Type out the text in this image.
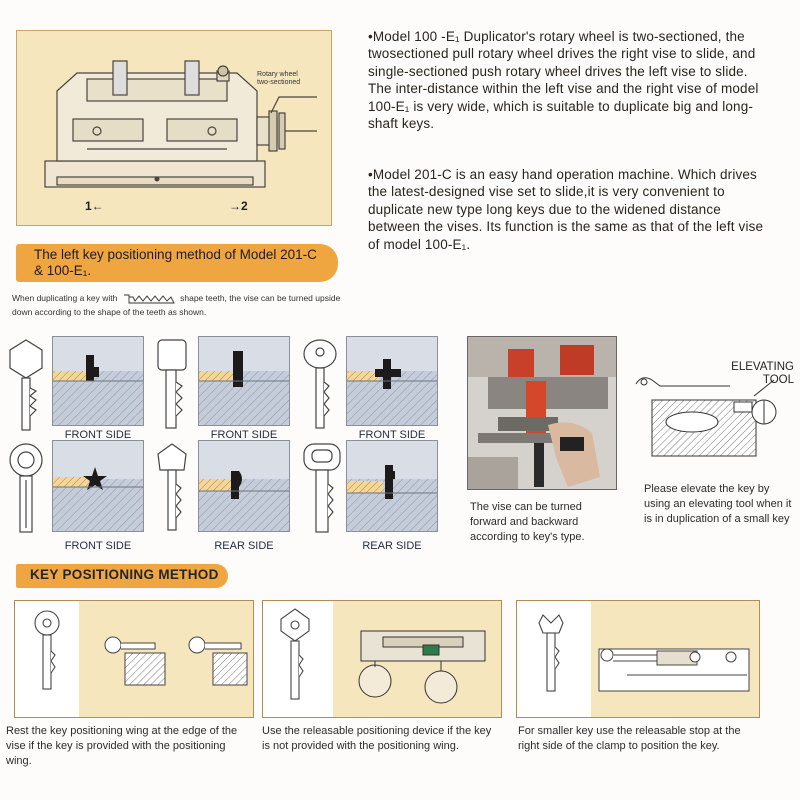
Rotary wheel
two-sectioned
1←	→2
•Model 100 -E₁ Duplicator's rotary wheel is two-sectioned, the twosectioned pull rotary wheel drives the right vise to slide, and single-sectioned push rotary wheel drives the left vise to slide. The inter-distance within the left vise and the right vise of model 100-E₁ is very wide, which is suitable to duplicate big and long-shaft keys.
•Model 201-C is an easy hand operation machine. Which drives the latest-designed vise set to slide,it is very convenient to duplicate new type long keys due to the widened distance between the vises. Its function is the same as that of the left vise of model 100-E₁.
The left key positioning method of Model 201-C & 100-E₁.
When duplicating a key with	shape teeth, the vise can be turned upside down according to the shape of the teeth as shown.
FRONT SIDE	FRONT SIDE	FRONT SIDE
FRONT SIDE	REAR SIDE	REAR SIDE
The vise can be turned forward and backward according to key's type.
ELEVATING
TOOL
Please elevate the key by using an elevating tool when it is in duplication of a small key
KEY POSITIONING METHOD
Rest the key positioning wing at the edge of the vise if the key is provided with the positioning wing.
Use the releasable positioning device if the key is not provided with the positioning wing.
For smaller key use the releasable stop at the right side of the clamp to position the key.
